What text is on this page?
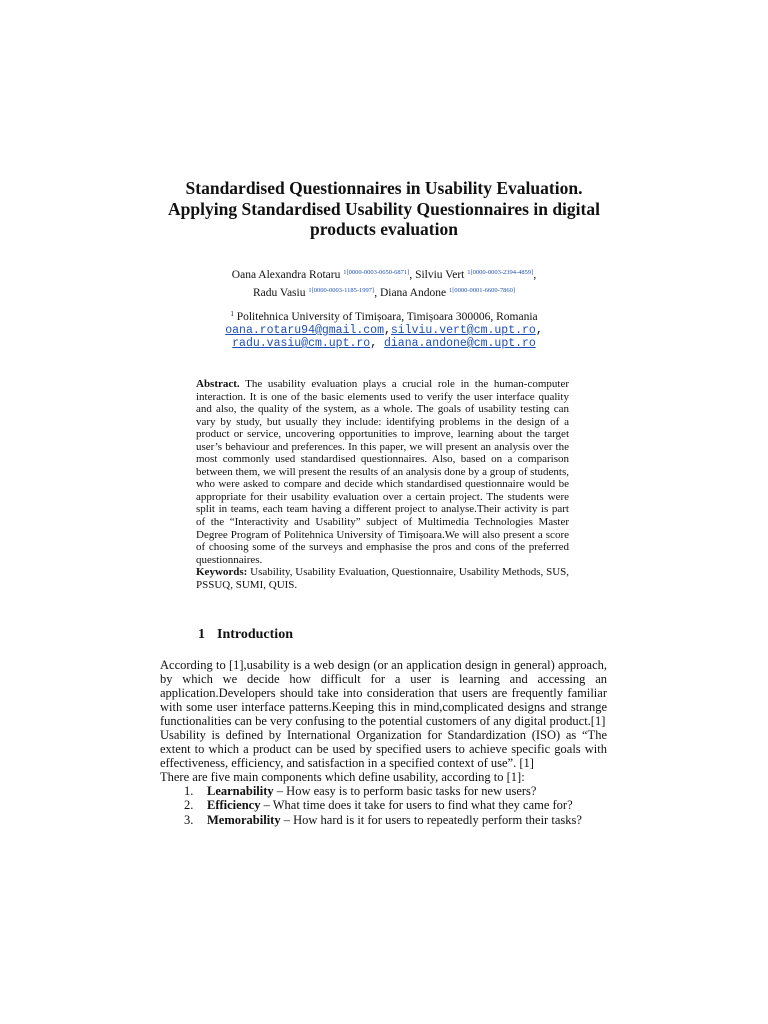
Standardised Questionnaires in Usability Evaluation.
Applying Standardised Usability Questionnaires in digital
products evaluation
Oana Alexandra Rotaru $^{1[0000-0003-0650-6871]}$, Silviu Vert $^{1[0000-0003-2394-4859]}$,
Radu Vasiu $^{1[0000-0003-1185-1997]}$, Diana Andone $^{1[0000-0001-6600-7860]}$
$^1$ Politehnica University of Timișoara, Timișoara 300006, Romania
oana.rotaru94@gmail.com,silviu.vert@cm.upt.ro,
radu.vasiu@cm.upt.ro, diana.andone@cm.upt.ro
Abstract. The usability evaluation plays a crucial role in the human-computer interaction. It is one of the basic elements used to verify the user interface quality and also, the quality of the system, as a whole. The goals of usability testing can vary by study, but usually they include: identifying problems in the design of a product or service, uncovering opportunities to improve, learning about the target user’s behaviour and preferences. In this paper, we will present an analysis over the most commonly used standardised questionnaires. Also, based on a comparison between them, we will present the results of an analysis done by a group of students, who were asked to compare and decide which standardised questionnaire would be appropriate for their usability evaluation over a certain project. The students were split in teams, each team having a different project to analyse.Their activity is part of the “Interactivity and Usability” subject of Multimedia Technologies Master Degree Program of Politehnica University of Timișoara.We will also present a score of choosing some of the surveys and emphasise the pros and cons of the preferred questionnaires.
Keywords: Usability, Usability Evaluation, Questionnaire, Usability Methods, SUS, PSSUQ, SUMI, QUIS.
1 Introduction

According to [1],usability is a web design (or an application design in general) approach, by which we decide how difficult for a user is learning and accessing an application.Developers should take into consideration that users are frequently familiar with some user interface patterns.Keeping this in mind,complicated designs and strange functionalities can be very confusing to the potential customers of any digital product.[1]

Usability is defined by International Organization for Standardization (ISO) as “The extent to which a product can be used by specified users to achieve specific goals with effectiveness, efficiency, and satisfaction in a specified context of use”. [1]

There are five main components which define usability, according to [1]:

1. Learnability – How easy is to perform basic tasks for new users?
2. Efficiency – What time does it take for users to find what they came for?
3. Memorability – How hard is it for users to repeatedly perform their tasks?
